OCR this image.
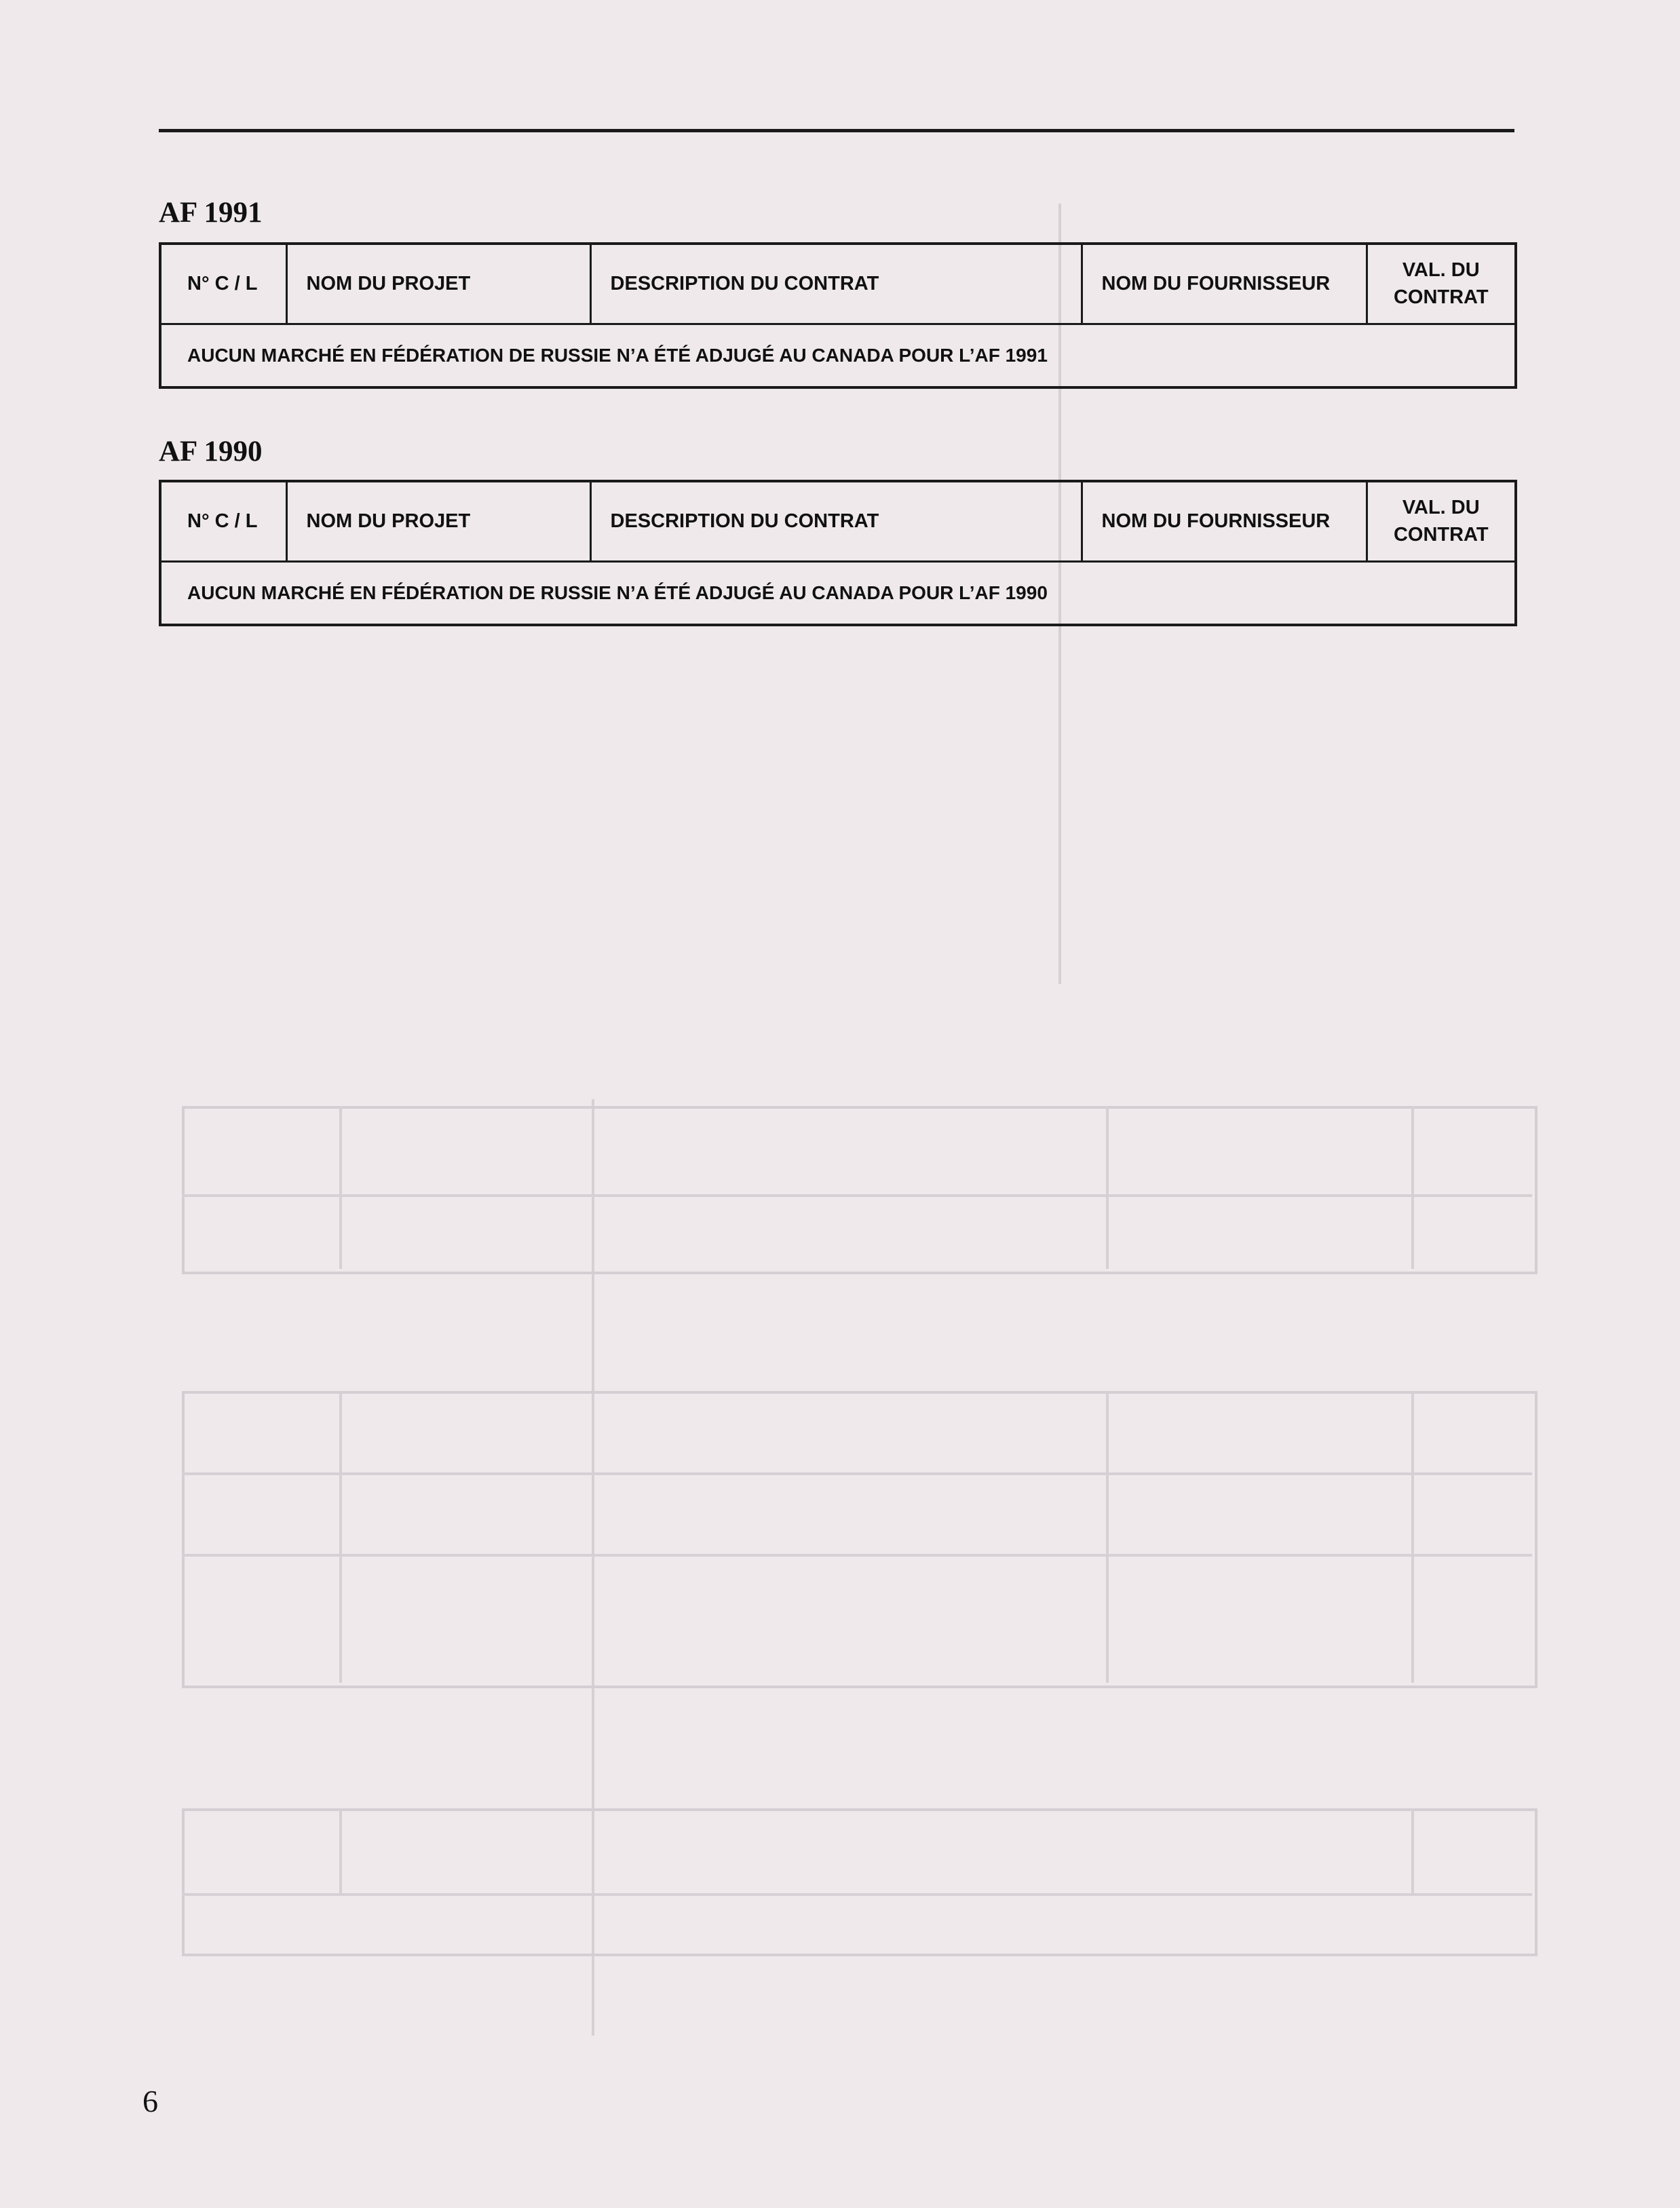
AF 1991
N° C / L	NOM DU PROJET	DESCRIPTION DU CONTRAT	NOM DU FOURNISSEUR	VAL. DU
CONTRAT
AUCUN MARCHÉ EN FÉDÉRATION DE RUSSIE N’A ÉTÉ ADJUGÉ AU CANADA POUR L’AF 1991
AF 1990
N° C / L	NOM DU PROJET	DESCRIPTION DU CONTRAT	NOM DU FOURNISSEUR	VAL. DU
CONTRAT
AUCUN MARCHÉ EN FÉDÉRATION DE RUSSIE N’A ÉTÉ ADJUGÉ AU CANADA POUR L’AF 1990
6
